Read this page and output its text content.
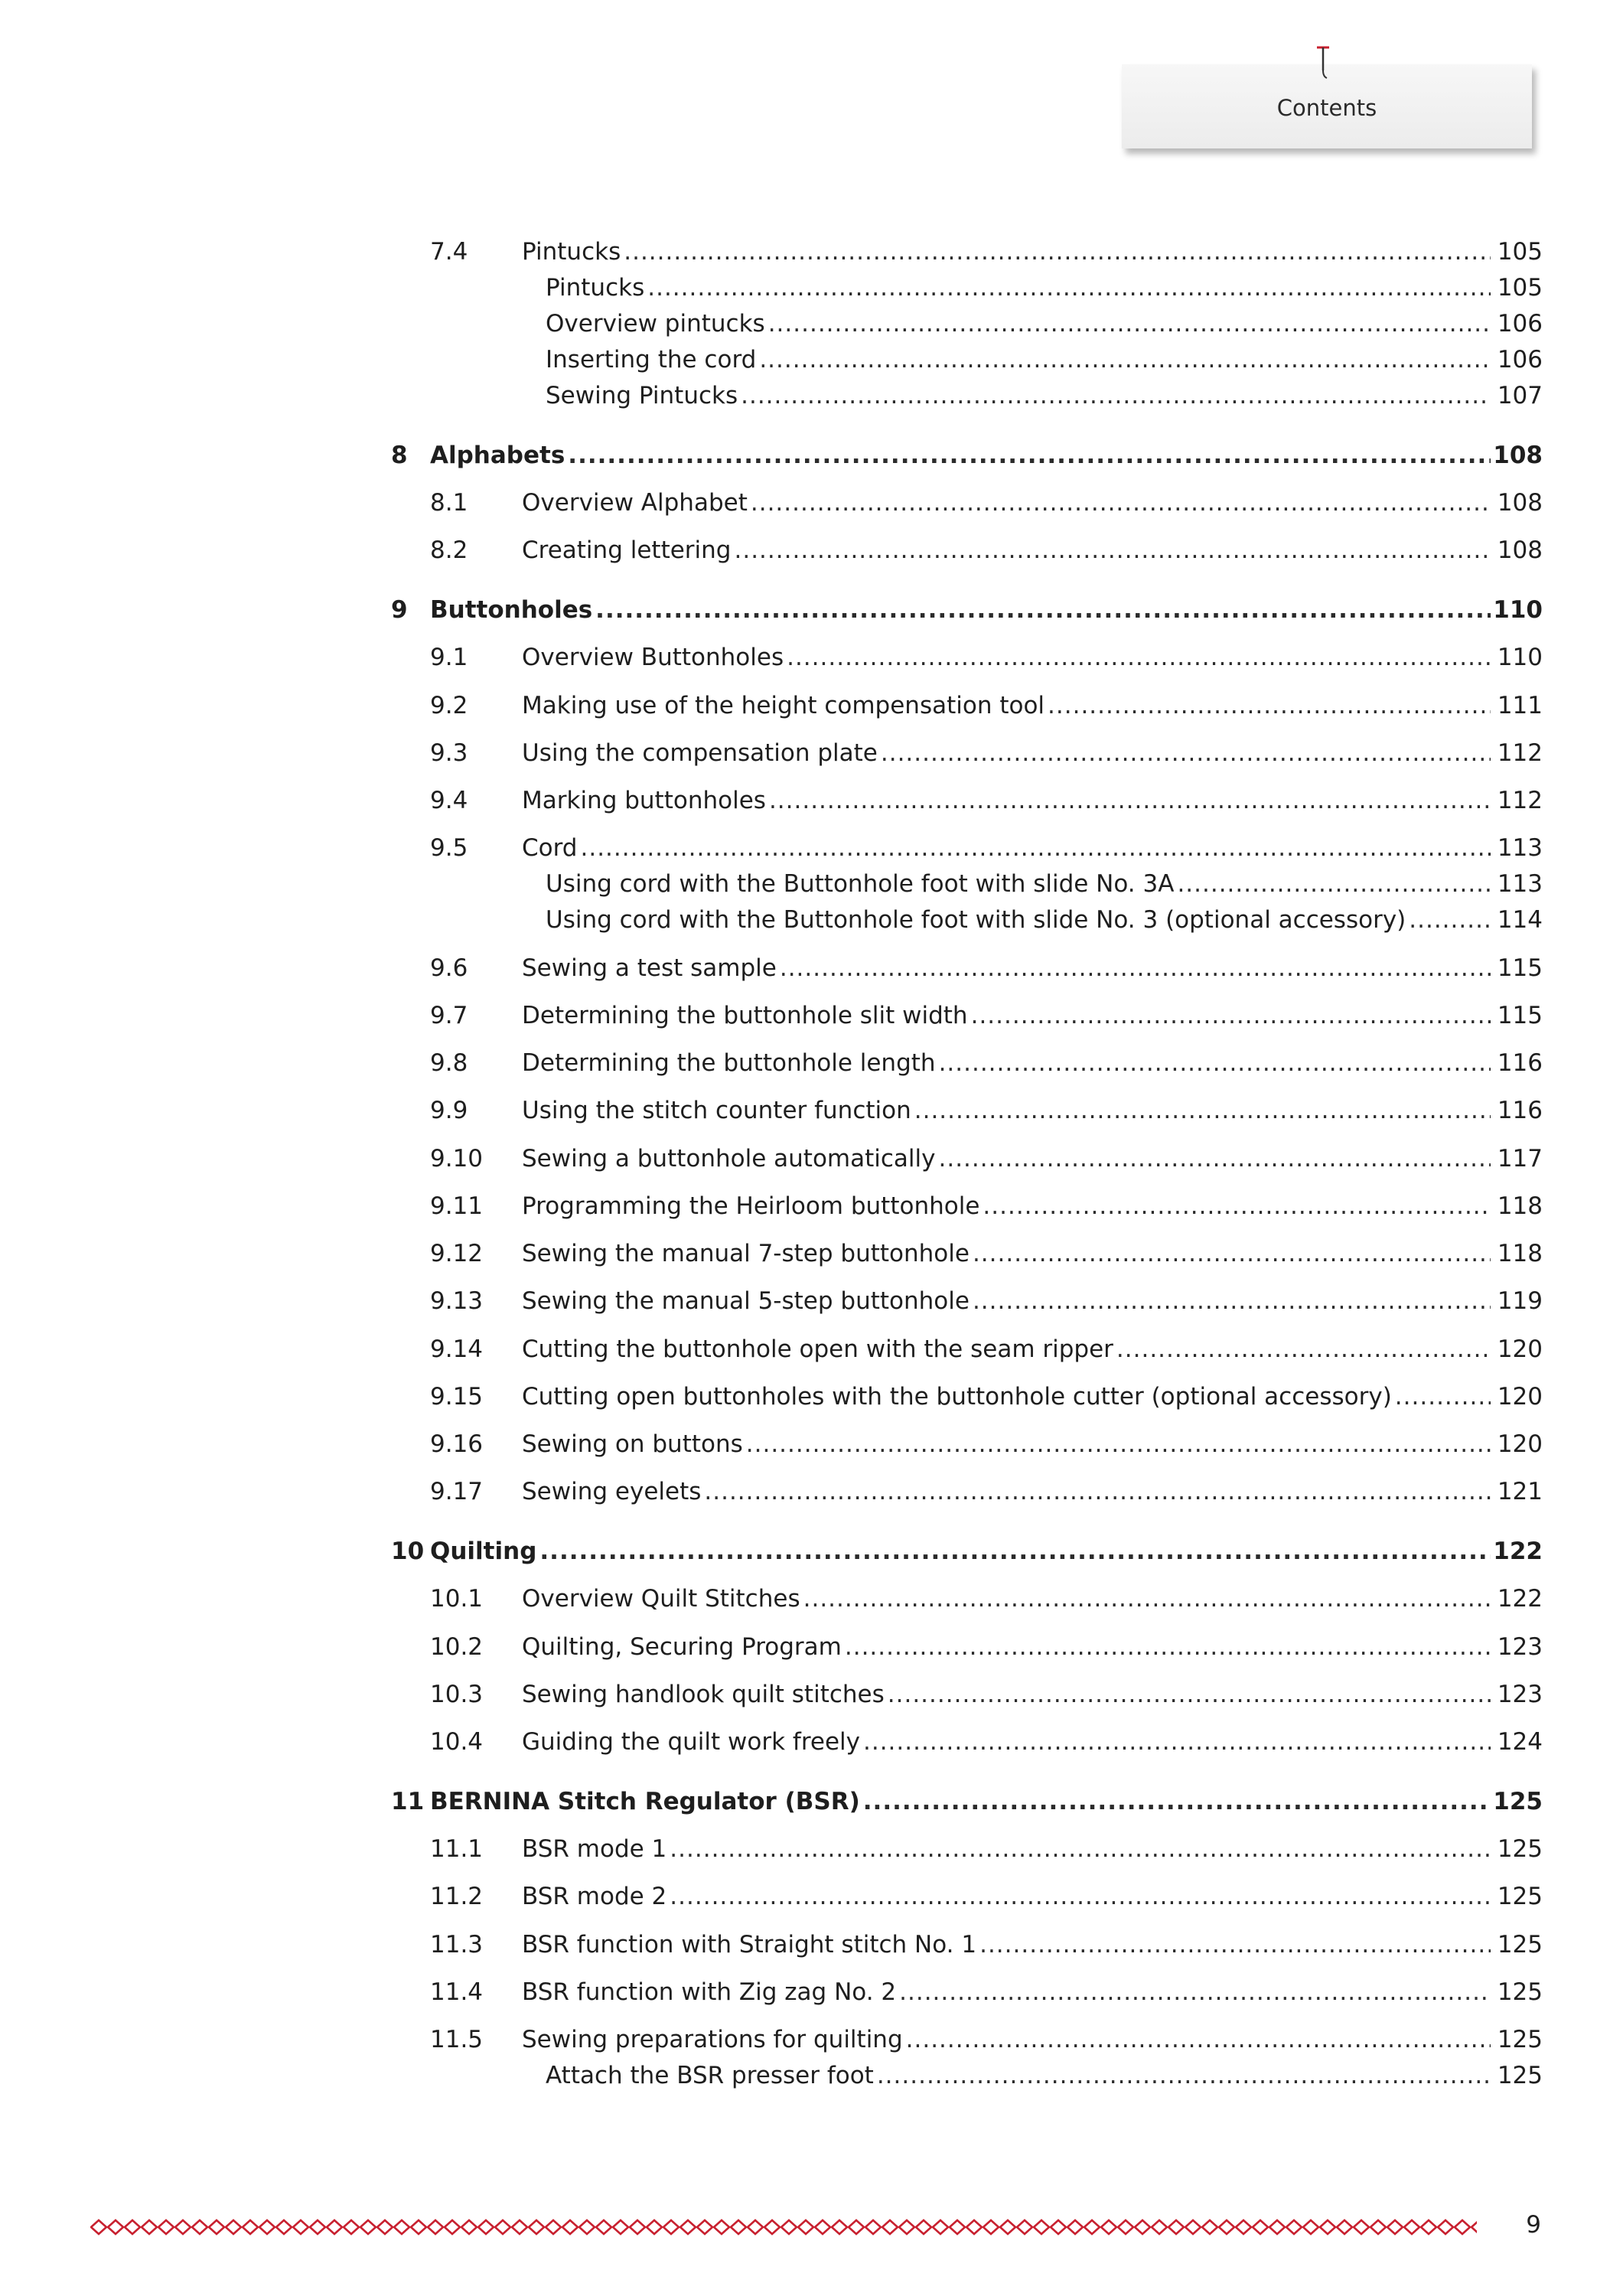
Contents
7.4 Pintucks .....	105
Pintucks .....	105
Overview pintucks .....	106
Inserting the cord .....	106
Sewing Pintucks .....	107
8 Alphabets .....	108
8.1 Overview Alphabet .....	108
8.2 Creating lettering .....	108
9 Buttonholes .....	110
9.1 Overview Buttonholes .....	110
9.2 Making use of the height compensation tool .....	111
9.3 Using the compensation plate .....	112
9.4 Marking buttonholes .....	112
9.5 Cord .....	113
Using cord with the Buttonhole foot with slide No. 3A .....	113
Using cord with the Buttonhole foot with slide No. 3 (optional accessory) .....	114
9.6 Sewing a test sample .....	115
9.7 Determining the buttonhole slit width .....	115
9.8 Determining the buttonhole length .....	116
9.9 Using the stitch counter function .....	116
9.10 Sewing a buttonhole automatically .....	117
9.11 Programming the Heirloom buttonhole .....	118
9.12 Sewing the manual 7-step buttonhole .....	118
9.13 Sewing the manual 5-step buttonhole .....	119
9.14 Cutting the buttonhole open with the seam ripper .....	120
9.15 Cutting open buttonholes with the buttonhole cutter (optional accessory) .....	120
9.16 Sewing on buttons .....	120
9.17 Sewing eyelets .....	121
10 Quilting .....	122
10.1 Overview Quilt Stitches .....	122
10.2 Quilting, Securing Program .....	123
10.3 Sewing handlook quilt stitches .....	123
10.4 Guiding the quilt work freely .....	124
11 BERNINA Stitch Regulator (BSR) .....	125
11.1 BSR mode 1 .....	125
11.2 BSR mode 2 .....	125
11.3 BSR function with Straight stitch No. 1 .....	125
11.4 BSR function with Zig zag No. 2 .....	125
11.5 Sewing preparations for quilting .....	125
Attach the BSR presser foot .....	125
9
